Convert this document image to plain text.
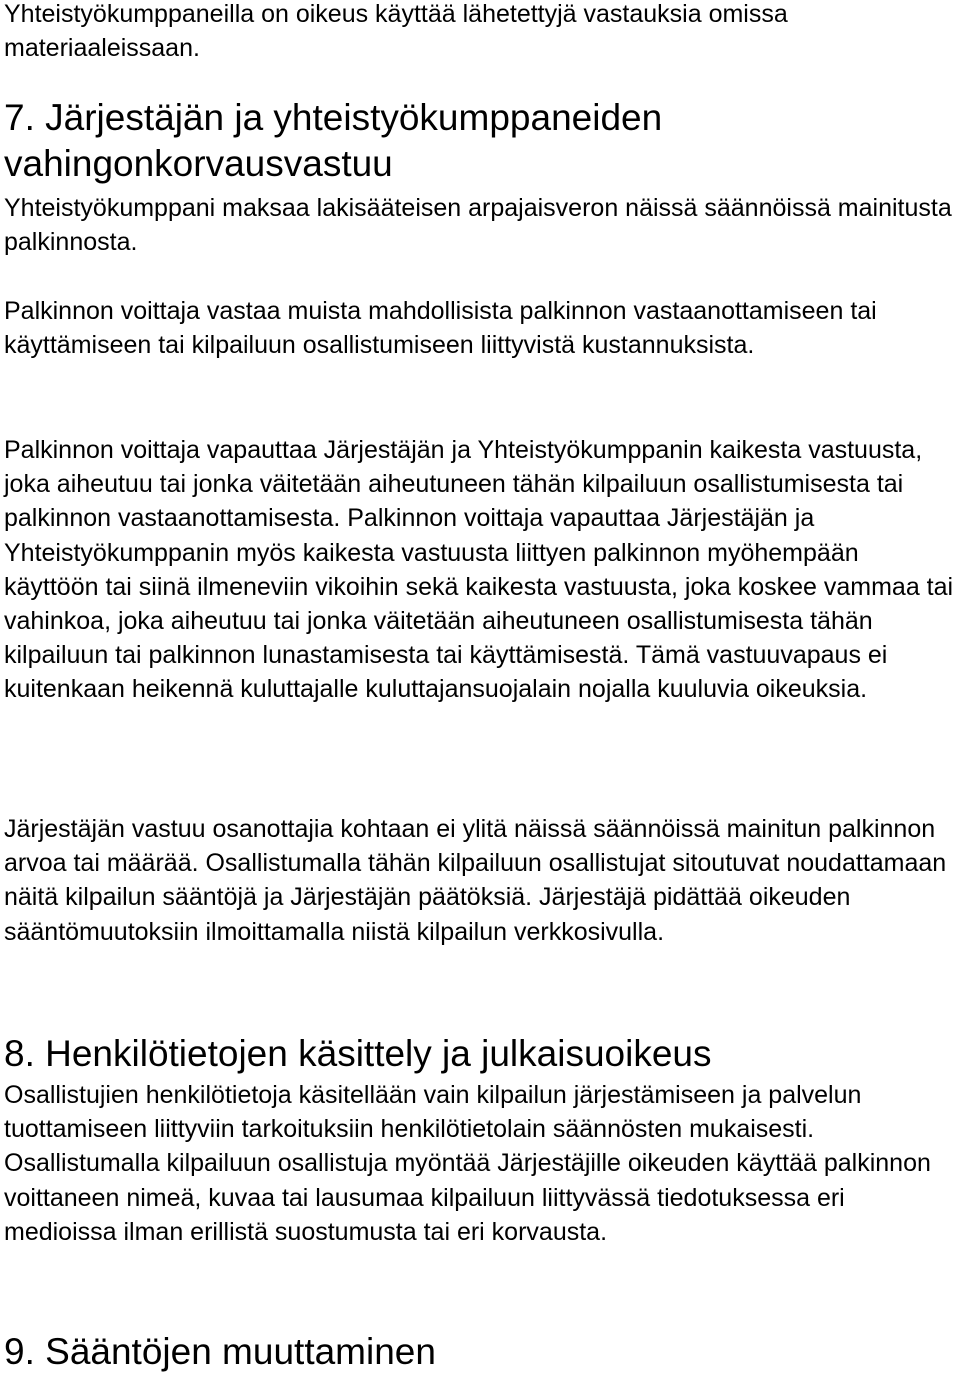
Yhteistyökumppaneilla on oikeus käyttää lähetettyjä vastauksia omissa materiaaleissaan.

7. Järjestäjän ja yhteistyökumppaneiden vahingonkorvausvastuu

Yhteistyökumppani maksaa lakisääteisen arpajaisveron näissä säännöissä mainitusta palkinnosta.

Palkinnon voittaja vastaa muista mahdollisista palkinnon vastaanottamiseen tai käyttämiseen tai kilpailuun osallistumiseen liittyvistä kustannuksista.

Palkinnon voittaja vapauttaa Järjestäjän ja Yhteistyökumppanin kaikesta vastuusta, joka aiheutuu tai jonka väitetään aiheutuneen tähän kilpailuun osallistumisesta tai palkinnon vastaanottamisesta. Palkinnon voittaja vapauttaa Järjestäjän ja Yhteistyökumppanin myös kaikesta vastuusta liittyen palkinnon myöhempään käyttöön tai siinä ilmeneviin vikoihin sekä kaikesta vastuusta, joka koskee vammaa tai vahinkoa, joka aiheutuu tai jonka väitetään aiheutuneen osallistumisesta tähän kilpailuun tai palkinnon lunastamisesta tai käyttämisestä. Tämä vastuuvapaus ei kuitenkaan heikennä kuluttajalle kuluttajansuojalain nojalla kuuluvia oikeuksia.

Järjestäjän vastuu osanottajia kohtaan ei ylitä näissä säännöissä mainitun palkinnon arvoa tai määrää. Osallistumalla tähän kilpailuun osallistujat sitoutuvat noudattamaan näitä kilpailun sääntöjä ja Järjestäjän päätöksiä. Järjestäjä pidättää oikeuden sääntömuutoksiin ilmoittamalla niistä kilpailun verkkosivulla.

8. Henkilötietojen käsittely ja julkaisuoikeus

Osallistujien henkilötietoja käsitellään vain kilpailun järjestämiseen ja palvelun tuottamiseen liittyviin tarkoituksiin henkilötietolain säännösten mukaisesti. Osallistumalla kilpailuun osallistuja myöntää Järjestäjille oikeuden käyttää palkinnon voittaneen nimeä, kuvaa tai lausumaa kilpailuun liittyvässä tiedotuksessa eri medioissa ilman erillistä suostumusta tai eri korvausta.

9. Sääntöjen muuttaminen
